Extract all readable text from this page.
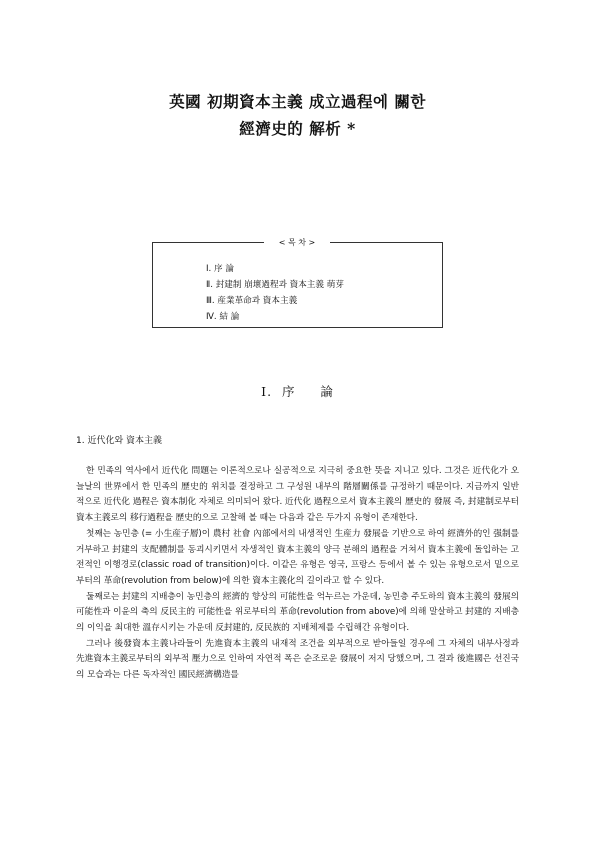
英國 初期資本主義 成立過程에 關한
經濟史的 解析 *
< 목 차 >
Ⅰ. 序 論
Ⅱ. 封建制 崩壞過程과 資本主義 萌芽
Ⅲ. 産業革命과 資本主義
Ⅳ. 結 論
Ⅰ.  序     論
1. 近代化와 資本主義

한 민족의 역사에서 近代化 問題는 이론적으로나 실공적으로 지극히 중요한 뜻을 지니고 있다. 그것은 近代化가 오늘날의 世界에서 한 민족의 歷史的 위치를 결정하고 그 구성원 내부의 階層關係를 규정하기 때문이다. 지금까지 일반적으로 近代化 過程은 資本制化 자체로 의미되어 왔다. 近代化 過程으로서 資本主義의 歷史的 發展 즉, 封建制로부터 資本主義로의 移行過程을 歷史的으로 고찰해 볼 때는 다음과 같은 두가지 유형이 존재한다.

첫째는 농민층 (= 小生産子層)이 農村 社會 內部에서의 내생적인 生産力 發展을 기반으로 하여 經濟外的인 强制를 거부하고 封建의 支配體制를 동괴시키면서 자생적인 資本主義의 양극 분해의 過程을 거쳐서 資本主義에 돌입하는 고전적인 이행경로(classic road of transition)이다. 이같은 유형은 영국, 프랑스 등에서 볼 수 있는 유형으로서 밑으로부터의 革命(revolution from below)에 의한 資本主義化의 길이라고 할 수 있다.

둘째로는 封建의 지배층이 농민층의 經濟的 향상의 可能性을 억누르는 가운데, 농민층 주도하의 資本主義의 發展의 可能性과 이윤의 축의 反民主的 可能性을 위로부터의 革命(revolution from above)에 의해 말살하고 封建的 지배층의 이익을 최대한 溫存시키는 가운데 反封建的, 反民族的 지배체제를 수립해간 유형이다.

그러나 後發資本主義나라들이 先進資本主義의 내재적 조건을 외부적으로 받아들일 경우에 그 자체의 내부사정과 先進資本主義로부터의 외부적 壓力으로 인하여 자연적 폭은 순조로운 發展이 저지 당했으며, 그 결과 後進國은 선진국의 모습과는 다른 독자적인 國民經濟構造를
